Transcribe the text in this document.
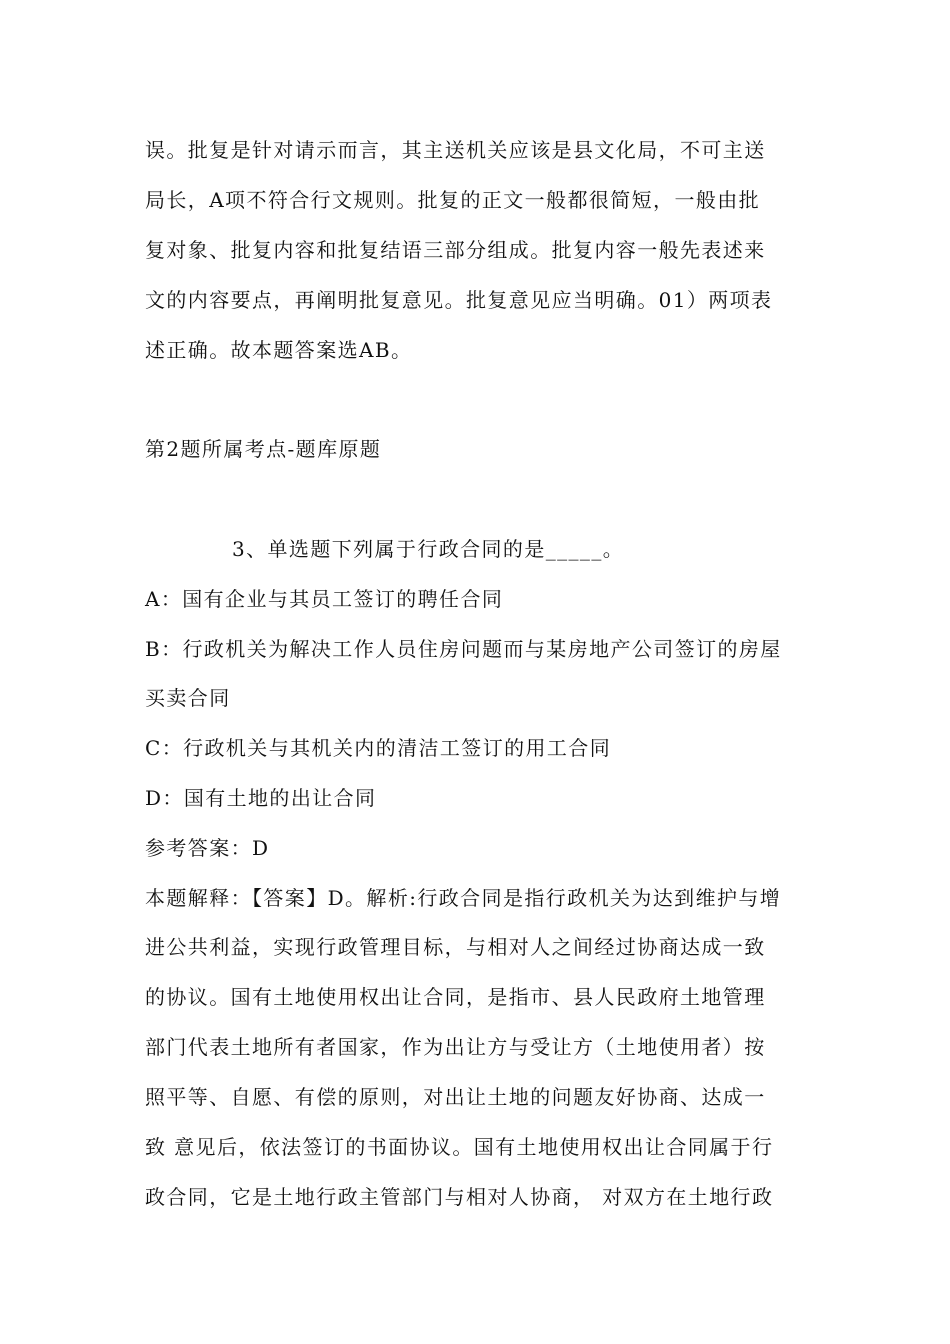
误。批复是针对请示而言，其主送机关应该是县文化局，不可主送
局长，A项不符合行文规则。批复的正文一般都很简短，一般由批
复对象、批复内容和批复结语三部分组成。批复内容一般先表述来
文的内容要点，再阐明批复意见。批复意见应当明确。01）两项表
述正确。故本题答案选AB。
第2题所属考点-题库原题
3、单选题下列属于行政合同的是_____。
A：国有企业与其员工签订的聘任合同
B：行政机关为解决工作人员住房问题而与某房地产公司签订的房屋
买卖合同
C：行政机关与其机关内的清洁工签订的用工合同
D：国有土地的出让合同
参考答案：D
本题解释：【答案】D。解析:行政合同是指行政机关为达到维护与增
进公共利益，实现行政管理目标，与相对人之间经过协商达成一致
的协议。国有土地使用权出让合同，是指市、县人民政府土地管理
部门代表土地所有者国家，作为出让方与受让方（土地使用者）按
照平等、自愿、有偿的原则，对出让土地的问题友好协商、达成一
致 意见后，依法签订的书面协议。国有土地使用权出让合同属于行
政合同，它是土地行政主管部门与相对人协商， 对双方在土地行政
